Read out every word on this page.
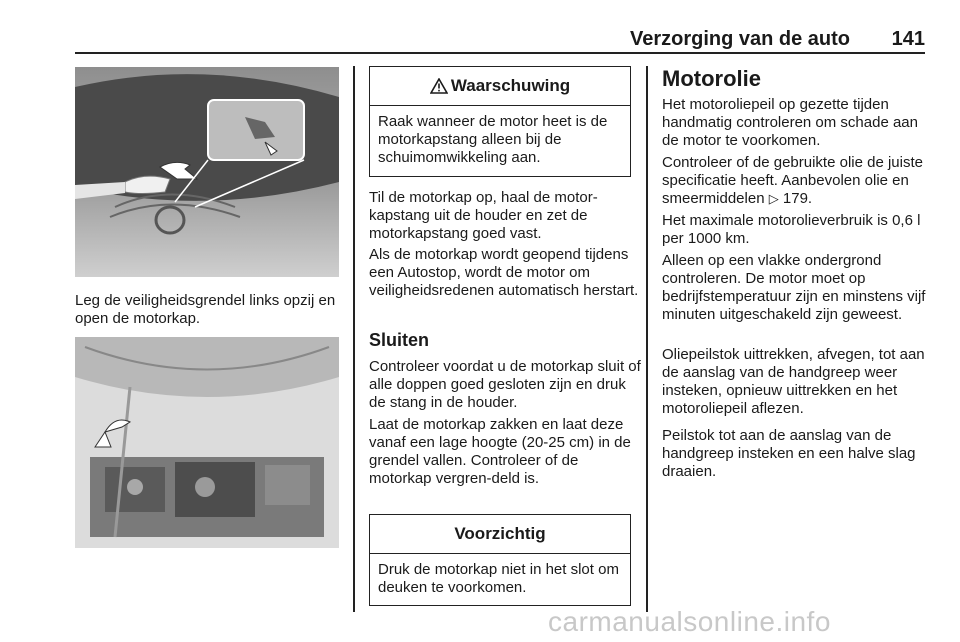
Verzorging van de auto	141

Leg de veiligheidsgrendel links opzij en open de motorkap.

Waarschuwing
Raak wanneer de motor heet is de motorkapstang alleen bij de schuimomwikkeling aan.

Til de motorkap op, haal de motor-kapstang uit de houder en zet de motorkapstang goed vast.

Als de motorkap wordt geopend tijdens een Autostop, wordt de motor om veiligheidsredenen automatisch herstart.

Sluiten

Controleer voordat u de motorkap sluit of alle doppen goed gesloten zijn en druk de stang in de houder.

Laat de motorkap zakken en laat deze vanaf een lage hoogte (20-25 cm) in de grendel vallen. Controleer of de motorkap vergren-deld is.

Voorzichtig
Druk de motorkap niet in het slot om deuken te voorkomen.
Motorolie

Het motoroliepeil op gezette tijden handmatig controleren om schade aan de motor te voorkomen.

Controleer of de gebruikte olie de juiste specificatie heeft. Aanbevolen olie en smeermiddelen ▷ 179.

Het maximale motorolieverbruik is 0,6 l per 1000 km.

Alleen op een vlakke ondergrond controleren. De motor moet op bedrijfstemperatuur zijn en minstens vijf minuten uitgeschakeld zijn geweest.

Oliepeilstok uittrekken, afvegen, tot aan de aanslag van de handgreep weer insteken, opnieuw uittrekken en het motoroliepeil aflezen.

Peilstok tot aan de aanslag van de handgreep insteken en een halve slag draaien.

carmanualsonline.info
